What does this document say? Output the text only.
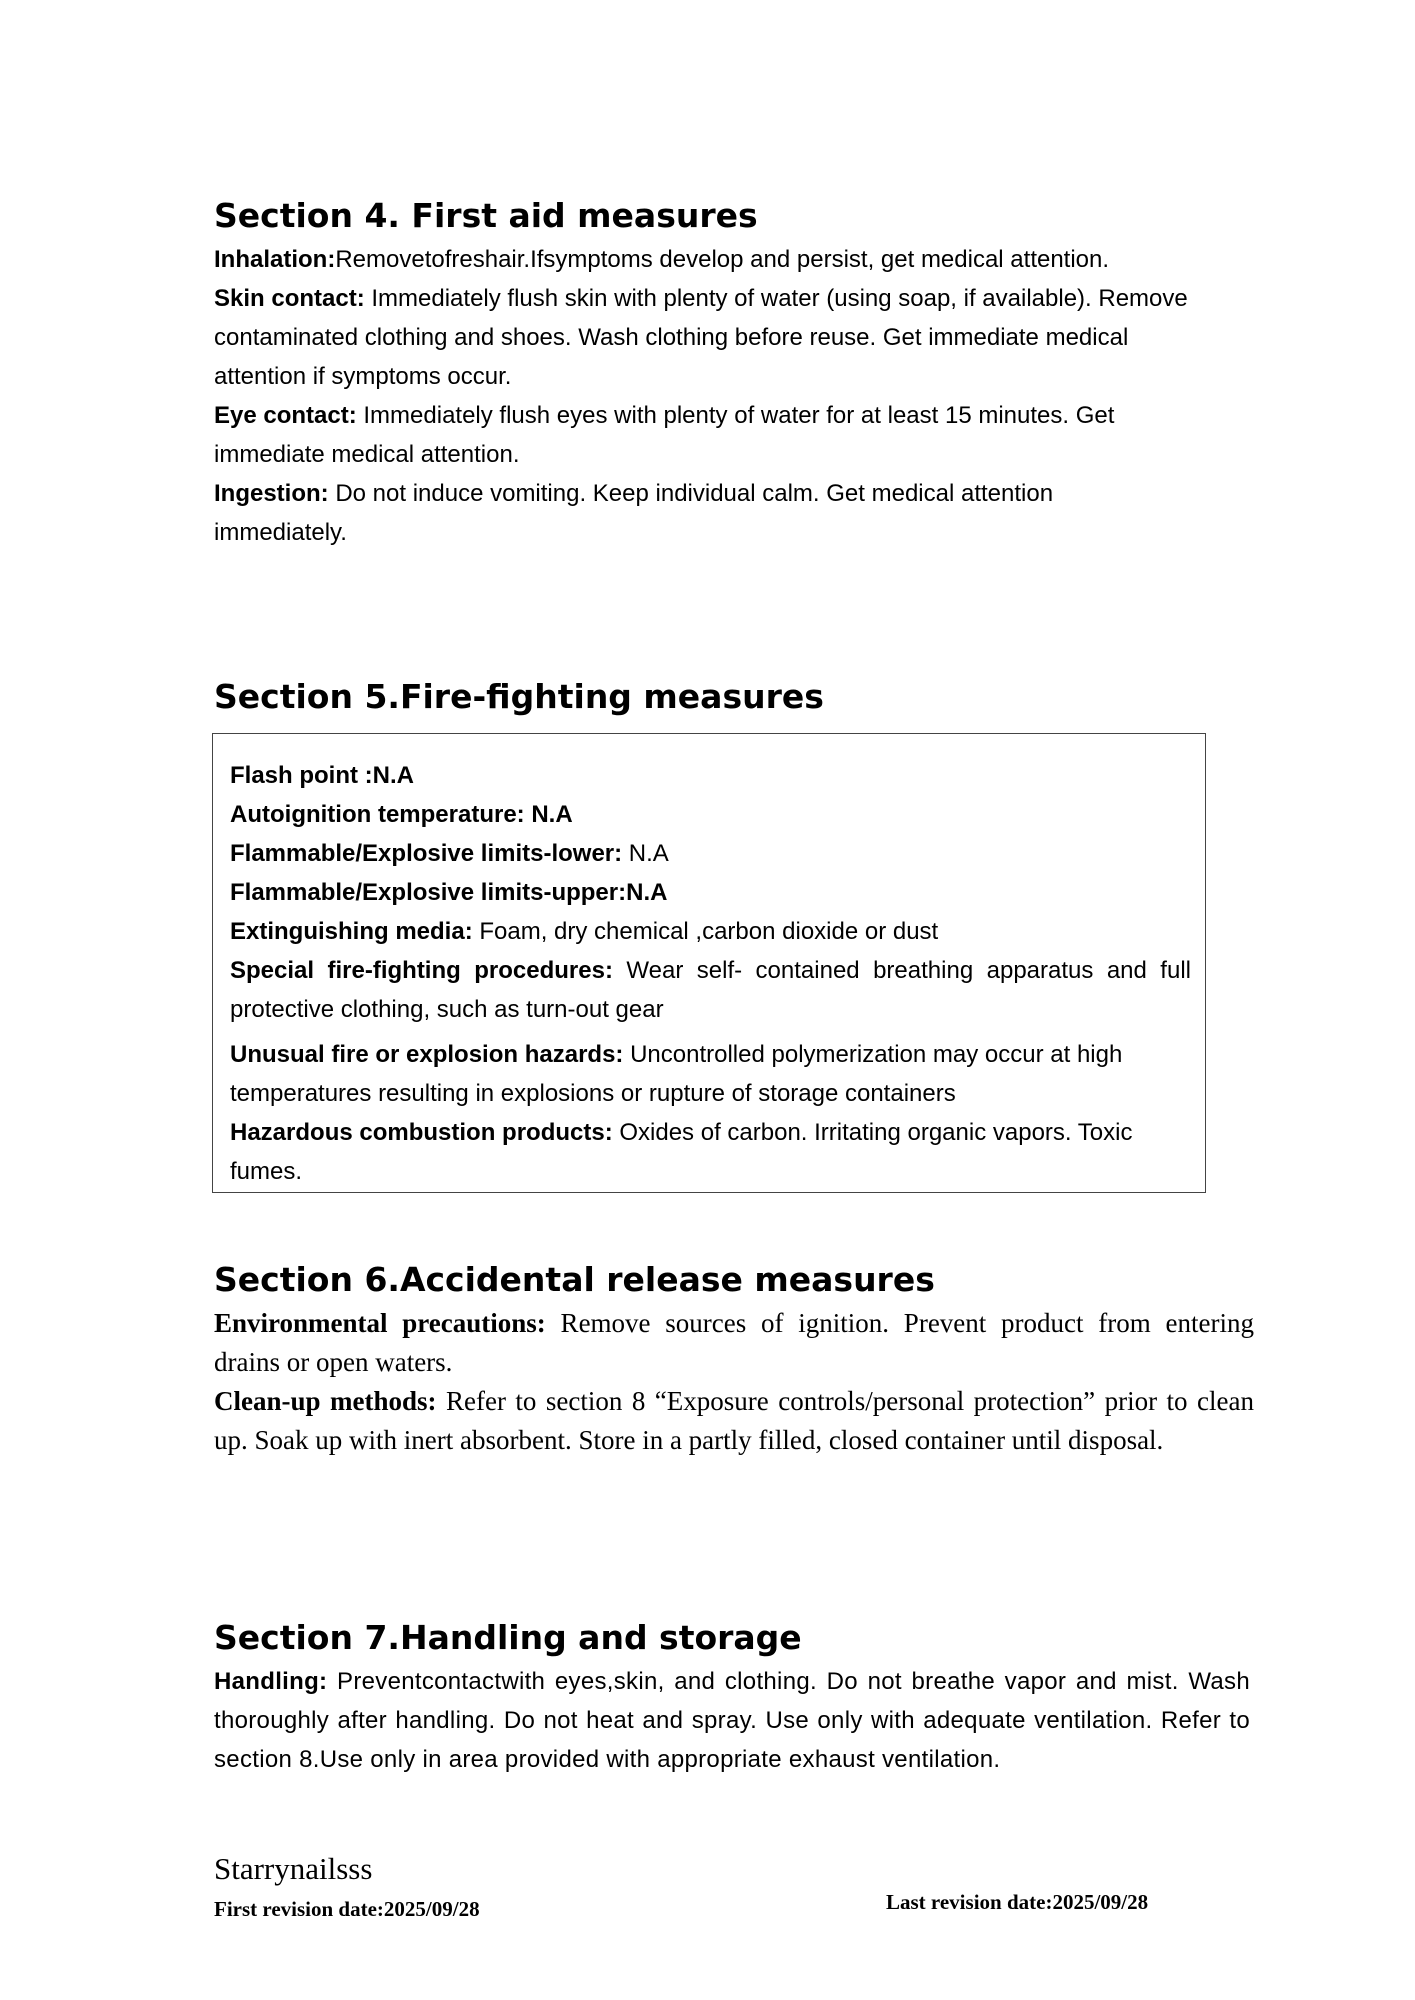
Section 4. First aid measures

Inhalation:Removetofreshair.Ifsymptoms develop and persist, get medical attention.

Skin contact: Immediately flush skin with plenty of water (using soap, if available). Remove contaminated clothing and shoes. Wash clothing before reuse. Get immediate medical attention if symptoms occur.

Eye contact: Immediately flush eyes with plenty of water for at least 15 minutes. Get immediate medical attention.

Ingestion: Do not induce vomiting. Keep individual calm. Get medical attention immediately.

Section 5.Fire-fighting measures

Flash point :N.A

Autoignition temperature: N.A

Flammable/Explosive limits-lower: N.A

Flammable/Explosive limits-upper:N.A

Extinguishing media: Foam, dry chemical ,carbon dioxide or dust

Special fire-fighting procedures: Wear self- contained breathing apparatus and full protective clothing, such as turn-out gear

Unusual fire or explosion hazards: Uncontrolled polymerization may occur at high temperatures resulting in explosions or rupture of storage containers

Hazardous combustion products: Oxides of carbon. Irritating organic vapors. Toxic fumes.

Section 6.Accidental release measures

Environmental precautions: Remove sources of ignition. Prevent product from entering drains or open waters.

Clean-up methods: Refer to section 8 “Exposure controls/personal protection” prior to clean up. Soak up with inert absorbent. Store in a partly filled, closed container until disposal.

Section 7.Handling and storage

Handling: Preventcontactwith eyes,skin, and clothing. Do not breathe vapor and mist. Wash thoroughly after handling. Do not heat and spray. Use only with adequate ventilation. Refer to section 8.Use only in area provided with appropriate exhaust ventilation.

Starrynailsss
First revision date:2025/09/28	Last revision date:2025/09/28
